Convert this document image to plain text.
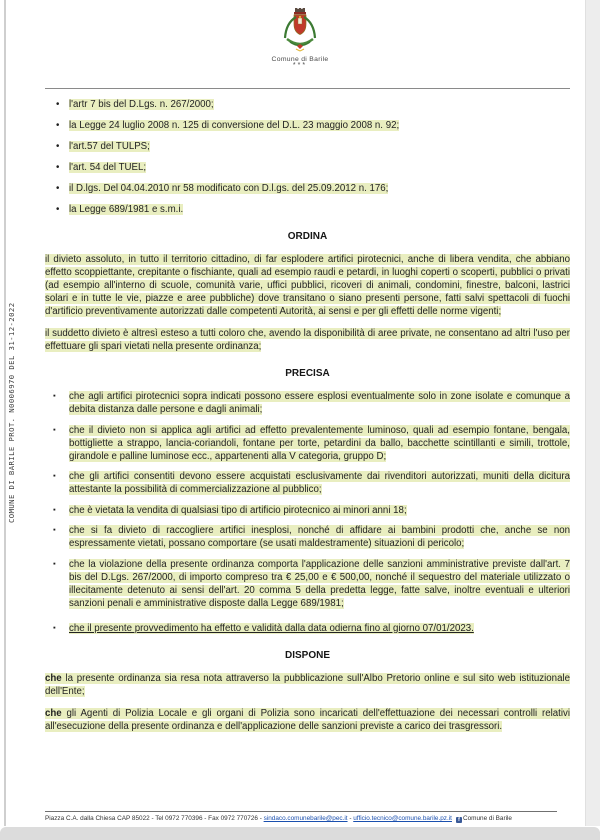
Comune di Barile
***
COMUNE DI BARILE PROT. N0006970 DEL 31-12-2022
• l'artr 7 bis del D.Lgs. n. 267/2000;
• la Legge 24 luglio 2008 n. 125 di conversione del D.L. 23 maggio 2008 n. 92;
• l'art.57 del TULPS;
• l'art. 54 del TUEL;
• il D.lgs. Del 04.04.2010 nr 58 modificato con D.l.gs. del 25.09.2012 n. 176;
• la Legge 689/1981 e s.m.i.
ORDINA

il divieto assoluto, in tutto il territorio cittadino, di far esplodere artifici pirotecnici, anche di libera vendita, che abbiano effetto scoppiettante, crepitante o fischiante, quali ad esempio raudi e petardi, in luoghi coperti o scoperti, pubblici o privati (ad esempio all'interno di scuole, comunità varie, uffici pubblici, ricoveri di animali, condomini, finestre, balconi, lastrici solari e in tutte le vie, piazze e aree pubbliche) dove transitano o siano presenti persone, fatti salvi spettacoli di fuochi d'artificio preventivamente autorizzati dalle competenti Autorità, ai sensi e per gli effetti delle norme vigenti;

il suddetto divieto è altresì esteso a tutti coloro che, avendo la disponibilità di aree private, ne consentano ad altri l'uso per effettuare gli spari vietati nella presente ordinanza;

PRECISA
▪ che agli artifici pirotecnici sopra indicati possono essere esplosi eventualmente solo in zone isolate e comunque a debita distanza dalle persone e dagli animali;
▪ che il divieto non si applica agli artifici ad effetto prevalentemente luminoso, quali ad esempio fontane, bengala, bottigliette a strappo, lancia-coriandoli, fontane per torte, petardini da ballo, bacchette scintillanti e simili, trottole, girandole e palline luminose ecc., appartenenti alla V categoria, gruppo D;
▪ che gli artifici consentiti devono essere acquistati esclusivamente dai rivenditori autorizzati, muniti della dicitura attestante la possibilità di commercializzazione al pubblico;
▪ che è vietata la vendita di qualsiasi tipo di artificio pirotecnico ai minori anni 18;
▪ che si fa divieto di raccogliere artifici inesplosi, nonché di affidare ai bambini prodotti che, anche se non espressamente vietati, possano comportare (se usati maldestramente) situazioni di pericolo;
▪ che la violazione della presente ordinanza comporta l'applicazione delle sanzioni amministrative previste dall'art. 7 bis del D.Lgs. 267/2000, di importo compreso tra € 25,00 e € 500,00, nonché il sequestro del materiale utilizzato o illecitamente detenuto ai sensi dell'art. 20 comma 5 della predetta legge, fatte salve, inoltre eventuali e ulteriori sanzioni penali e amministrative disposte dalla Legge 689/1981;
▪ che il presente provvedimento ha effetto e validità dalla data odierna fino al giorno 07/01/2023.
DISPONE

che la presente ordinanza sia resa nota attraverso la pubblicazione sull'Albo Pretorio online e sul sito web istituzionale dell'Ente;

che gli Agenti di Polizia Locale e gli organi di Polizia sono incaricati dell'effettuazione dei necessari controlli relativi all'esecuzione della presente ordinanza e dell'applicazione delle sanzioni previste a carico dei trasgressori.

Piazza C.A. dalla Chiesa CAP 85022 - Tel 0972 770396 - Fax 0972 770726 - sindaco.comunebarile@pec.it - ufficio.tecnico@comune.barile.pz.it f Comune di Barile
